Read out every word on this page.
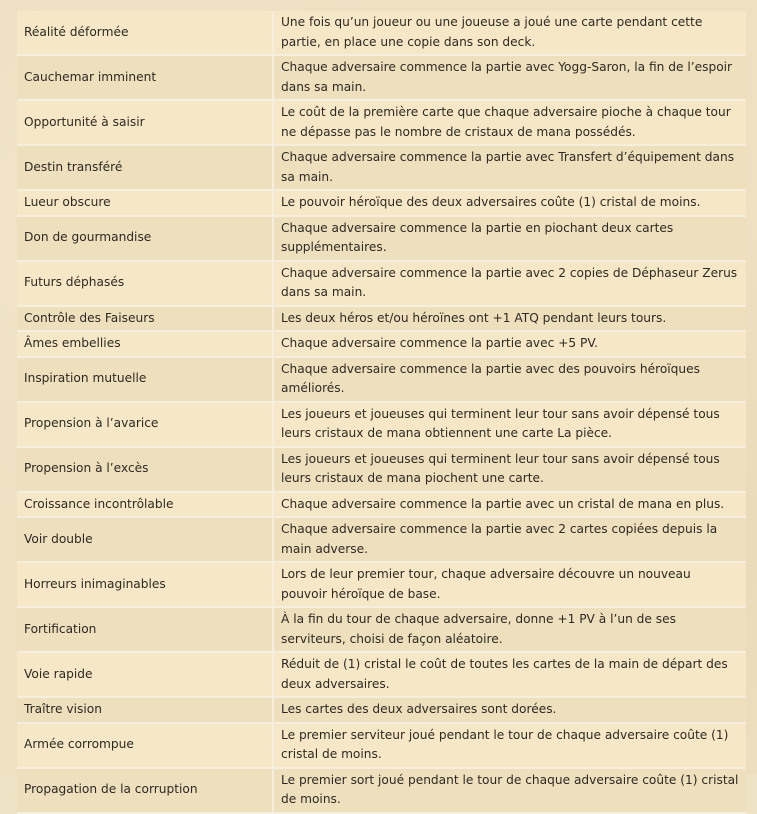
Réalité déformée	Une fois qu’un joueur ou une joueuse a joué une carte pendant cette partie, en place une copie dans son deck.
Cauchemar imminent	Chaque adversaire commence la partie avec Yogg-Saron, la fin de l’espoir dans sa main.
Opportunité à saisir	Le coût de la première carte que chaque adversaire pioche à chaque tour ne dépasse pas le nombre de cristaux de mana possédés.
Destin transféré	Chaque adversaire commence la partie avec Transfert d’équipement dans sa main.
Lueur obscure	Le pouvoir héroïque des deux adversaires coûte (1) cristal de moins.
Don de gourmandise	Chaque adversaire commence la partie en piochant deux cartes supplémentaires.
Futurs déphasés	Chaque adversaire commence la partie avec 2 copies de Déphaseur Zerus dans sa main.
Contrôle des Faiseurs	Les deux héros et/ou héroïnes ont +1 ATQ pendant leurs tours.
Âmes embellies	Chaque adversaire commence la partie avec +5 PV.
Inspiration mutuelle	Chaque adversaire commence la partie avec des pouvoirs héroïques améliorés.
Propension à l’avarice	Les joueurs et joueuses qui terminent leur tour sans avoir dépensé tous leurs cristaux de mana obtiennent une carte La pièce.
Propension à l’excès	Les joueurs et joueuses qui terminent leur tour sans avoir dépensé tous leurs cristaux de mana piochent une carte.
Croissance incontrôlable	Chaque adversaire commence la partie avec un cristal de mana en plus.
Voir double	Chaque adversaire commence la partie avec 2 cartes copiées depuis la main adverse.
Horreurs inimaginables	Lors de leur premier tour, chaque adversaire découvre un nouveau pouvoir héroïque de base.
Fortification	À la fin du tour de chaque adversaire, donne +1 PV à l’un de ses serviteurs, choisi de façon aléatoire.
Voie rapide	Réduit de (1) cristal le coût de toutes les cartes de la main de départ des deux adversaires.
Traître vision	Les cartes des deux adversaires sont dorées.
Armée corrompue	Le premier serviteur joué pendant le tour de chaque adversaire coûte (1) cristal de moins.
Propagation de la corruption	Le premier sort joué pendant le tour de chaque adversaire coûte (1) cristal de moins.
